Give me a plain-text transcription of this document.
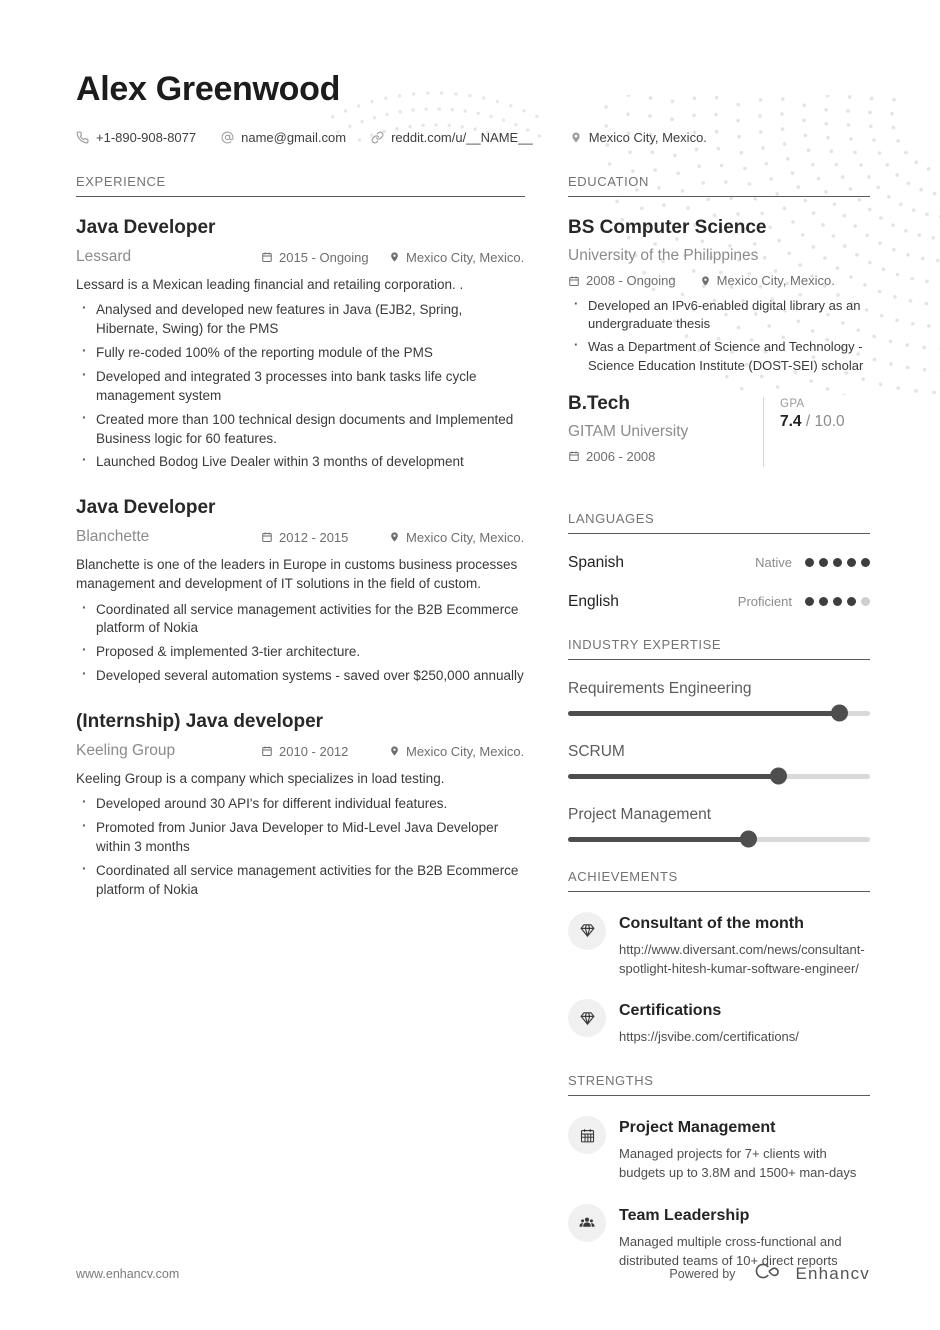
Alex Greenwood
+1-890-908-8077	name@gmail.com	reddit.com/u/__NAME__	Mexico City, Mexico.
EXPERIENCE
Java Developer
Lessard	2015 - Ongoing	Mexico City, Mexico.

Lessard is a Mexican leading financial and retailing corporation. .

· Analysed and developed new features in Java (EJB2, Spring, Hibernate, Swing) for the PMS
· Fully re-coded 100% of the reporting module of the PMS
· Developed and integrated 3 processes into bank tasks life cycle management system
· Created more than 100 technical design documents and Implemented Business logic for 60 features.
· Launched Bodog Live Dealer within 3 months of development
Java Developer
Blanchette	2012 - 2015	Mexico City, Mexico.

Blanchette is one of the leaders in Europe in customs business processes management and development of IT solutions in the field of custom.

· Coordinated all service management activities for the B2B Ecommerce platform of Nokia
· Proposed & implemented 3-tier architecture.
· Developed several automation systems - saved over $250,000 annually
(Internship) Java developer
Keeling Group	2010 - 2012	Mexico City, Mexico.

Keeling Group is a company which specializes in load testing.

· Developed around 30 API's for different individual features.
· Promoted from Junior Java Developer to Mid-Level Java Developer within 3 months
· Coordinated all service management activities for the B2B Ecommerce platform of Nokia
EDUCATION
BS Computer Science
University of the Philippines
2008 - Ongoing	Mexico City, Mexico.
· Developed an IPv6-enabled digital library as an undergraduate thesis
· Was a Department of Science and Technology - Science Education Institute (DOST-SEI) scholar
B.Tech
GITAM University
2006 - 2008
GPA
7.4 / 10.0
LANGUAGES
Spanish	Native
English	Proficient
INDUSTRY EXPERTISE
Requirements Engineering
SCRUM
Project Management
ACHIEVEMENTS
Consultant of the month

http://www.diversant.com/news/consultant-spotlight-hitesh-kumar-software-engineer/

Certifications

https://jsvibe.com/certifications/

STRENGTHS
Project Management

Managed projects for 7+ clients with budgets up to 3.8M and 1500+ man-days

Team Leadership

Managed multiple cross-functional and distributed teams of 10+ direct reports

www.enhancv.com	Powered by	Enhancv
